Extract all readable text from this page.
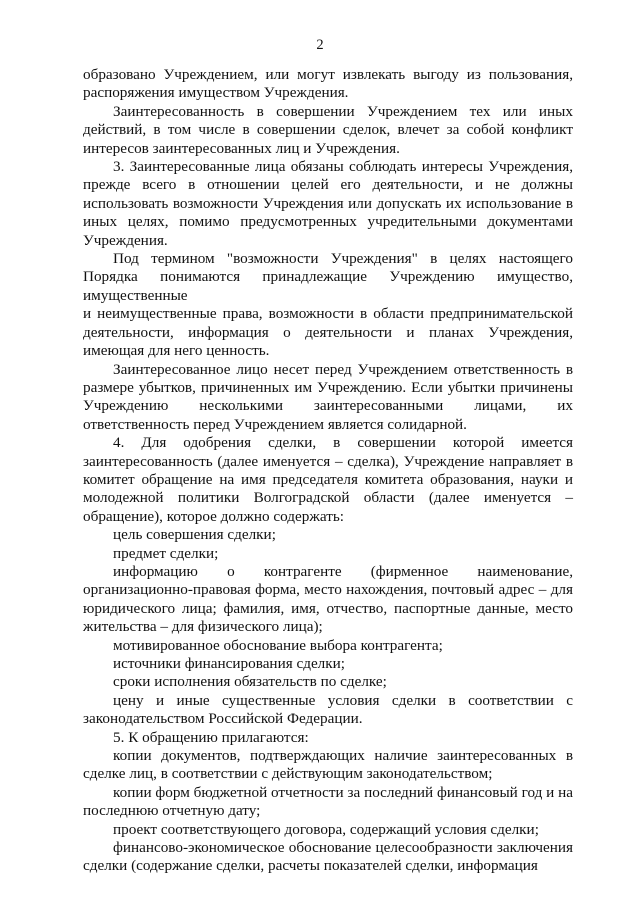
2

образовано Учреждением, или могут извлекать выгоду из пользования, распоряжения имуществом Учреждения.

Заинтересованность в совершении Учреждением тех или иных действий, в том числе в совершении сделок, влечет за собой конфликт интересов заинтересованных лиц и Учреждения.

3. Заинтересованные лица обязаны соблюдать интересы Учреждения, прежде всего в отношении целей его деятельности, и не должны использовать возможности Учреждения или допускать их использование в иных целях, помимо предусмотренных учредительными документами Учреждения.

Под термином "возможности Учреждения" в целях настоящего Порядка понимаются принадлежащие Учреждению имущество, имущественные

и неимущественные права, возможности в области предпринимательской деятельности, информация о деятельности и планах Учреждения, имеющая для него ценность.

Заинтересованное лицо несет перед Учреждением ответственность в размере убытков, причиненных им Учреждению. Если убытки причинены Учреждению несколькими заинтересованными лицами, их ответственность перед Учреждением является солидарной.

4. Для одобрения сделки, в совершении которой имеется заинтересованность (далее именуется – сделка), Учреждение направляет в комитет обращение на имя председателя комитета образования, науки и молодежной политики Волгоградской области (далее именуется – обращение), которое должно содержать:

цель совершения сделки;

предмет сделки;

информацию о контрагенте (фирменное наименование, организационно-правовая форма, место нахождения, почтовый адрес – для юридического лица; фамилия, имя, отчество, паспортные данные, место жительства – для физического лица);

мотивированное обоснование выбора контрагента;

источники финансирования сделки;

сроки исполнения обязательств по сделке;

цену и иные существенные условия сделки в соответствии с законодательством Российской Федерации.

5. К обращению прилагаются:

копии документов, подтверждающих наличие заинтересованных в сделке лиц, в соответствии с действующим законодательством;

копии форм бюджетной отчетности за последний финансовый год и на последнюю отчетную дату;

проект соответствующего договора, содержащий условия сделки;

финансово-экономическое обоснование целесообразности заключения сделки (содержание сделки, расчеты показателей сделки, информация
